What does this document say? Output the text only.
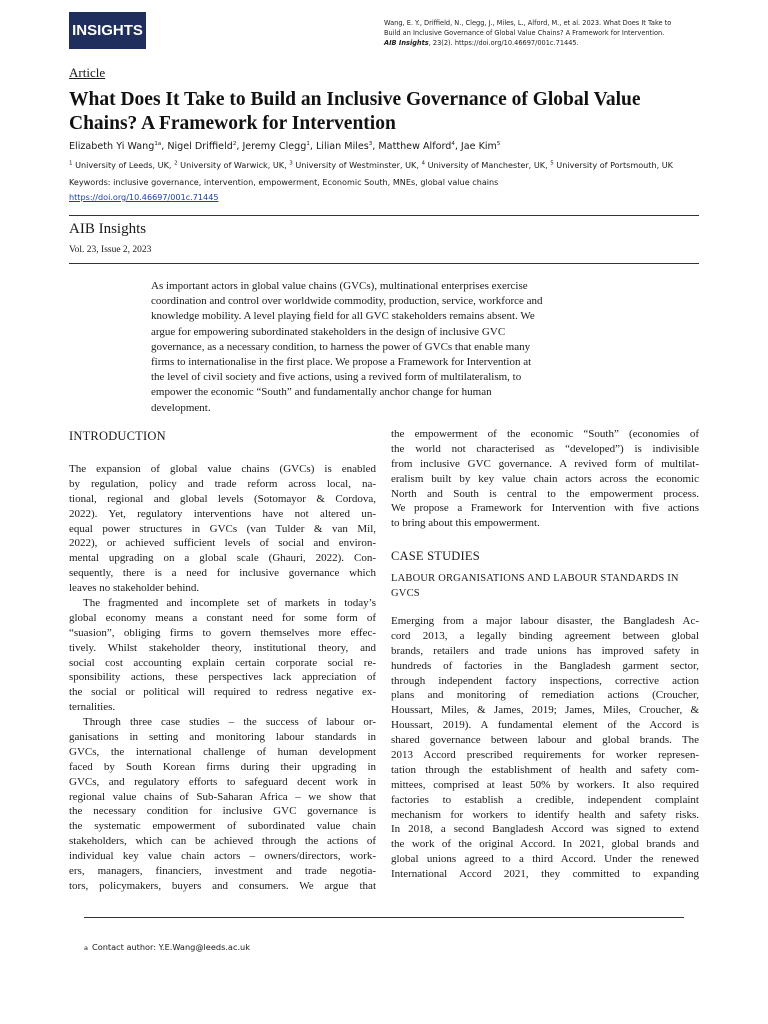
INSIGHTS	Wang, E. Y., Driffield, N., Clegg, J., Miles, L., Alford, M., et al. 2023. What Does It Take to
Build an Inclusive Governance of Global Value Chains? A Framework for Intervention.
AIB Insights, 23(2). https://doi.org/10.46697/001c.71445.
Article
What Does It Take to Build an Inclusive Governance of Global Value
Chains? A Framework for Intervention
Elizabeth Yi Wang$^{1a}$, Nigel Driffield$^2$, Jeremy Clegg$^1$, Lilian Miles$^3$, Matthew Alford$^4$, Jae Kim$^5$
$^1$ University of Leeds, UK, $^2$ University of Warwick, UK, $^3$ University of Westminster, UK, $^4$ University of Manchester, UK, $^5$ University of Portsmouth, UK
Keywords: inclusive governance, intervention, empowerment, Economic South, MNEs, global value chains
https://doi.org/10.46697/001c.71445
AIB Insights
Vol. 23, Issue 2, 2023
As important actors in global value chains (GVCs), multinational enterprises exercise
coordination and control over worldwide commodity, production, service, workforce and
knowledge mobility. A level playing field for all GVC stakeholders remains absent. We
argue for empowering subordinated stakeholders in the design of inclusive GVC
governance, as a necessary condition, to harness the power of GVCs that enable many
firms to internationalise in the first place. We propose a Framework for Intervention at
the level of civil society and five actions, using a revived form of multilateralism, to
empower the economic “South” and fundamentally anchor change for human
development.
INTRODUCTION
The expansion of global value chains (GVCs) is enabled
by regulation, policy and trade reform across local, na-
tional, regional and global levels (Sotomayor & Cordova,
2022). Yet, regulatory interventions have not altered un-
equal power structures in GVCs (van Tulder & van Mil,
2022), or achieved sufficient levels of social and environ-
mental upgrading on a global scale (Ghauri, 2022). Con-
sequently, there is a need for inclusive governance which
leaves no stakeholder behind.
The fragmented and incomplete set of markets in today’s
global economy means a constant need for some form of
“suasion”, obliging firms to govern themselves more effec-
tively. Whilst stakeholder theory, institutional theory, and
social cost accounting explain certain corporate social re-
sponsibility actions, these perspectives lack appreciation of
the social or political will required to redress negative ex-
ternalities.
Through three case studies – the success of labour or-
ganisations in setting and monitoring labour standards in
GVCs, the international challenge of human development
faced by South Korean firms during their upgrading in
GVCs, and regulatory efforts to safeguard decent work in
regional value chains of Sub-Saharan Africa – we show that
the necessary condition for inclusive GVC governance is
the systematic empowerment of subordinated value chain
stakeholders, which can be achieved through the actions of
individual key value chain actors – owners/directors, work-
ers, managers, financiers, investment and trade negotia-
tors, policymakers, buyers and consumers. We argue that
the empowerment of the economic “South” (economies of
the world not characterised as “developed”) is indivisible
from inclusive GVC governance. A revived form of multilat-
eralism built by key value chain actors across the economic
North and South is central to the empowerment process.
We propose a Framework for Intervention with five actions
to bring about this empowerment.
CASE STUDIES
LABOUR ORGANISATIONS AND LABOUR STANDARDS IN
GVCS
Emerging from a major labour disaster, the Bangladesh Ac-
cord 2013, a legally binding agreement between global
brands, retailers and trade unions has improved safety in
hundreds of factories in the Bangladesh garment sector,
through independent factory inspections, corrective action
plans and monitoring of remediation actions (Croucher,
Houssart, Miles, & James, 2019; James, Miles, Croucher, &
Houssart, 2019). A fundamental element of the Accord is
shared governance between labour and global brands. The
2013 Accord prescribed requirements for worker represen-
tation through the establishment of health and safety com-
mittees, comprised at least 50% by workers. It also required
factories to establish a credible, independent complaint
mechanism for workers to identify health and safety risks.
In 2018, a second Bangladesh Accord was signed to extend
the work of the original Accord. In 2021, global brands and
global unions agreed to a third Accord. Under the renewed
International Accord 2021, they committed to expanding
a Contact author: Y.E.Wang@leeds.ac.uk
